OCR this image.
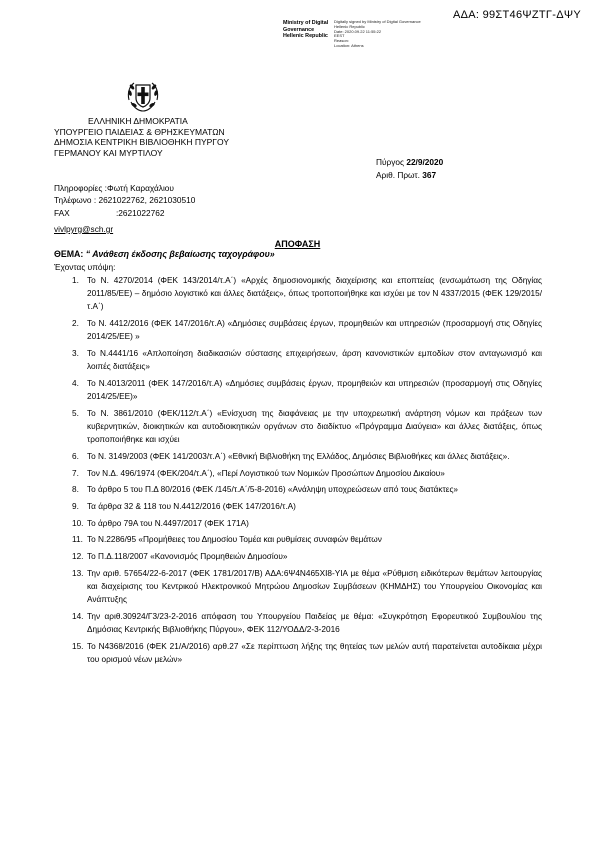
ΑΔΑ: 99ΣΤ46ΨΖΤΓ-ΔΨΥ
Ministry of Digital
Governance
Hellenic Republic
Digitally signed by Ministry of Digital Governance
Hellenic Republic
Date: 2020.09.22 11:55:22
EEST
Reason:
Location: Athens
ΕΛΛΗΝΙΚΗ ΔΗΜΟΚΡΑΤΙΑ
ΥΠΟΥΡΓΕΙΟ ΠΑΙΔΕΙΑΣ & ΘΡΗΣΚΕΥΜΑΤΩΝ
ΔΗΜΟΣΙΑ ΚΕΝΤΡΙΚΗ ΒΙΒΛΙΟΘΗΚΗ ΠΥΡΓΟΥ
ΓΕΡΜΑΝΟΥ ΚΑΙ ΜΥΡΤΙΛΟΥ
Πύργος 22/9/2020
Αριθ. Πρωτ. 367
Πληροφορίες :Φωτή Καραχάλιου
Τηλέφωνο : 2621022762, 2621030510
FAX	:2621022762
vivlpyrg@sch.gr
ΑΠΟΦΑΣΗ
ΘΕΜΑ: “ Ανάθεση έκδοσης βεβαίωσης ταχογράφου»
Έχοντας υπόψη:
1. Το Ν. 4270/2014 (ΦΕΚ 143/2014/τ.Α΄) «Αρχές δημοσιονομικής διαχείρισης και εποπτείας (ενσωμάτωση της Οδηγίας 2011/85/ΕΕ) – δημόσιο λογιστικό και άλλες διατάξεις», όπως τροποποιήθηκε και ισχύει με τον Ν 4337/2015 (ΦΕΚ 129/2015/τ.Α΄)
2. Το Ν. 4412/2016 (ΦΕΚ 147/2016/τ.Α) «Δημόσιες συμβάσεις έργων, προμηθειών και υπηρεσιών (προσαρμογή στις Οδηγίες 2014/25/ΕΕ) »
3. Το Ν.4441/16 «Απλοποίηση διαδικασιών σύστασης επιχειρήσεων, άρση κανονιστικών εμποδίων στον ανταγωνισμό και λοιπές διατάξεις»
4. Το Ν.4013/2011 (ΦΕΚ 147/2016/τ.Α) «Δημόσιες συμβάσεις έργων, προμηθειών και υπηρεσιών (προσαρμογή στις Οδηγίες 2014/25/ΕΕ)»
5. Το Ν. 3861/2010 (ΦΕΚ/112/τ.Α΄) «Ενίσχυση της διαφάνειας με την υποχρεωτική ανάρτηση νόμων και πράξεων των κυβερνητικών, διοικητικών και αυτοδιοικητικών οργάνων στο διαδίκτυο «Πρόγραμμα Διαύγεια» και άλλες διατάξεις, όπως τροποποιήθηκε και ισχύει
6. Το Ν. 3149/2003 (ΦΕΚ 141/2003/τ.Α΄) «Εθνική Βιβλιοθήκη της Ελλάδος, Δημόσιες Βιβλιοθήκες και άλλες διατάξεις».
7. Τον Ν.Δ. 496/1974 (ΦΕΚ/204/τ.Α΄), «Περί Λογιστικού των Νομικών Προσώπων Δημοσίου Δικαίου»
8. Το άρθρο 5 του Π.Δ 80/2016 (ΦΕΚ /145/τ.Α΄/5-8-2016) «Ανάληψη υποχρεώσεων από τους διατάκτες»
9. Τα άρθρα 32 & 118 του Ν.4412/2016 (ΦΕΚ 147/2016/τ.Α)
10. Το άρθρο 79Α του Ν.4497/2017 (ΦΕΚ 171Α)
11. Το Ν.2286/95 «Προμήθειες του Δημοσίου Τομέα και ρυθμίσεις συναφών θεμάτων
12. Το Π.Δ.118/2007 «Κανονισμός Προμηθειών Δημοσίου»
13. Την αριθ. 57654/22-6-2017 (ΦΕΚ 1781/2017/Β) ΑΔΑ:6Ψ4Ν465ΧΙ8-ΥΙΑ με θέμα «Ρύθμιση ειδικότερων θεμάτων λειτουργίας και διαχείρισης του Κεντρικού Ηλεκτρονικού Μητρώου Δημοσίων Συμβάσεων (ΚΗΜΔΗΣ) του Υπουργείου Οικονομίας και Ανάπτυξης
14. Την αριθ.30924/Γ3/23-2-2016 απόφαση του Υπουργείου Παιδείας με θέμα: «Συγκρότηση Εφορευτικού Συμβουλίου της Δημόσιας Κεντρικής Βιβλιοθήκης Πύργου», ΦΕΚ 112/ΥΟΔΔ/2-3-2016
15. Το Ν4368/2016 (ΦΕΚ 21/Α/2016) αρθ.27 «Σε περίπτωση λήξης της θητείας των μελών αυτή παρατείνεται αυτοδίκαια μέχρι του ορισμού νέων μελών»
